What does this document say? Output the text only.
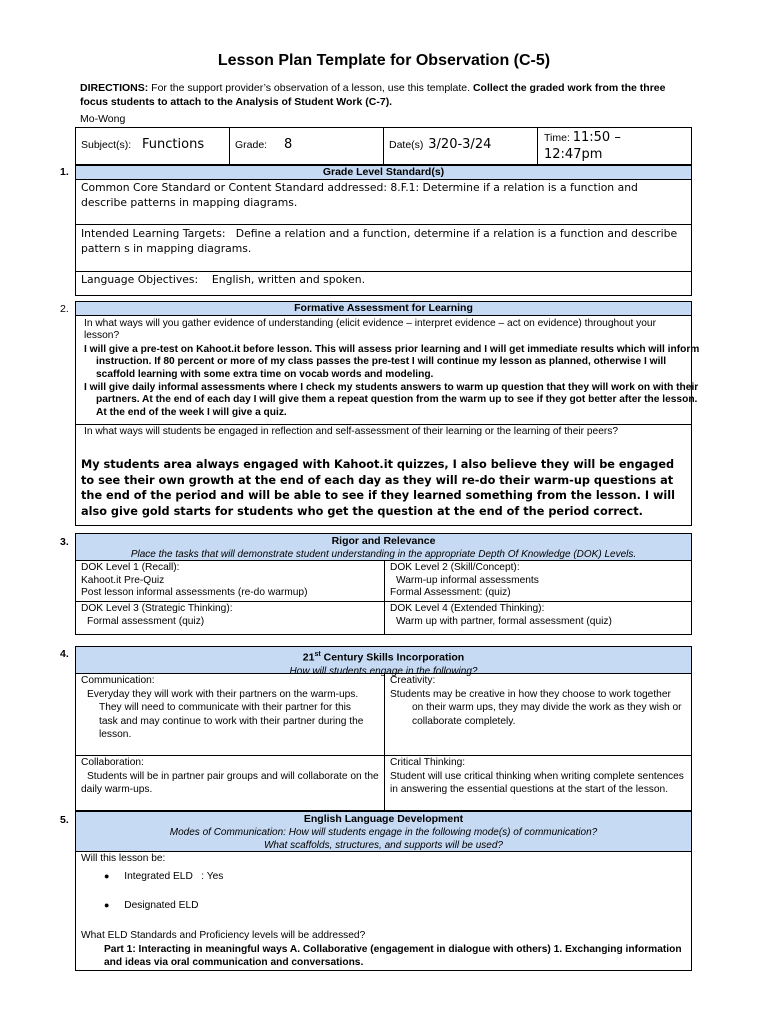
Lesson Plan Template for Observation (C-5)
DIRECTIONS: For the support provider’s observation of a lesson, use this template. Collect the graded work from the three focus students to attach to the Analysis of Student Work (C-7).
Mo-Wong
Subject(s): Functions	Grade: 8	Date(s) 3/20-3/24	Time: 11:50 –
12:47pm
1.	Grade Level Standard(s)
Common Core Standard or Content Standard addressed: 8.F.1: Determine if a relation is a function and describe patterns in mapping diagrams.
Intended Learning Targets: Define a relation and a function, determine if a relation is a function and describe pattern s in mapping diagrams.
Language Objectives: English, written and spoken.
2.	Formative Assessment for Learning
In what ways will you gather evidence of understanding (elicit evidence – interpret evidence – act on evidence) throughout your lesson?
I will give a pre-test on Kahoot.it before lesson. This will assess prior learning and I will get immediate results which will inform instruction. If 80 percent or more of my class passes the pre-test I will continue my lesson as planned, otherwise I will scaffold learning with some extra time on vocab words and modeling.
I will give daily informal assessments where I check my students answers to warm up question that they will work on with their partners. At the end of each day I will give them a repeat question from the warm up to see if they got better after the lesson. At the end of the week I will give a quiz.
In what ways will students be engaged in reflection and self-assessment of their learning or the learning of their peers?
My students area always engaged with Kahoot.it quizzes, I also believe they will be engaged to see their own growth at the end of each day as they will re-do their warm-up questions at the end of the period and will be able to see if they learned something from the lesson. I will also give gold starts for students who get the question at the end of the period correct.
3.	Rigor and Relevance
Place the tasks that will demonstrate student understanding in the appropriate Depth Of Knowledge (DOK) Levels.
DOK Level 1 (Recall):
Kahoot.it Pre-Quiz
Post lesson informal assessments (re-do warmup)
DOK Level 2 (Skill/Concept):
Warm-up informal assessments
Formal Assessment: (quiz)
DOK Level 3 (Strategic Thinking):
Formal assessment (quiz)
DOK Level 4 (Extended Thinking):
Warm up with partner, formal assessment (quiz)
4.	21st Century Skills Incorporation
How will students engage in the following?
Communication:
Everyday they will work with their partners on the warm-ups. They will need to communicate with their partner for this task and may continue to work with their partner during the lesson.
Creativity:
Students may be creative in how they choose to work together on their warm ups, they may divide the work as they wish or collaborate completely.
Collaboration:
Students will be in partner pair groups and will collaborate on the daily warm-ups.
Critical Thinking:
Student will use critical thinking when writing complete sentences in answering the essential questions at the start of the lesson.
5.	English Language Development
Modes of Communication: How will students engage in the following mode(s) of communication?
What scaffolds, structures, and supports will be used?
Will this lesson be:
● Integrated ELD   : Yes
● Designated ELD
What ELD Standards and Proficiency levels will be addressed?
Part 1: Interacting in meaningful ways A. Collaborative (engagement in dialogue with others) 1. Exchanging information and ideas via oral communication and conversations.
